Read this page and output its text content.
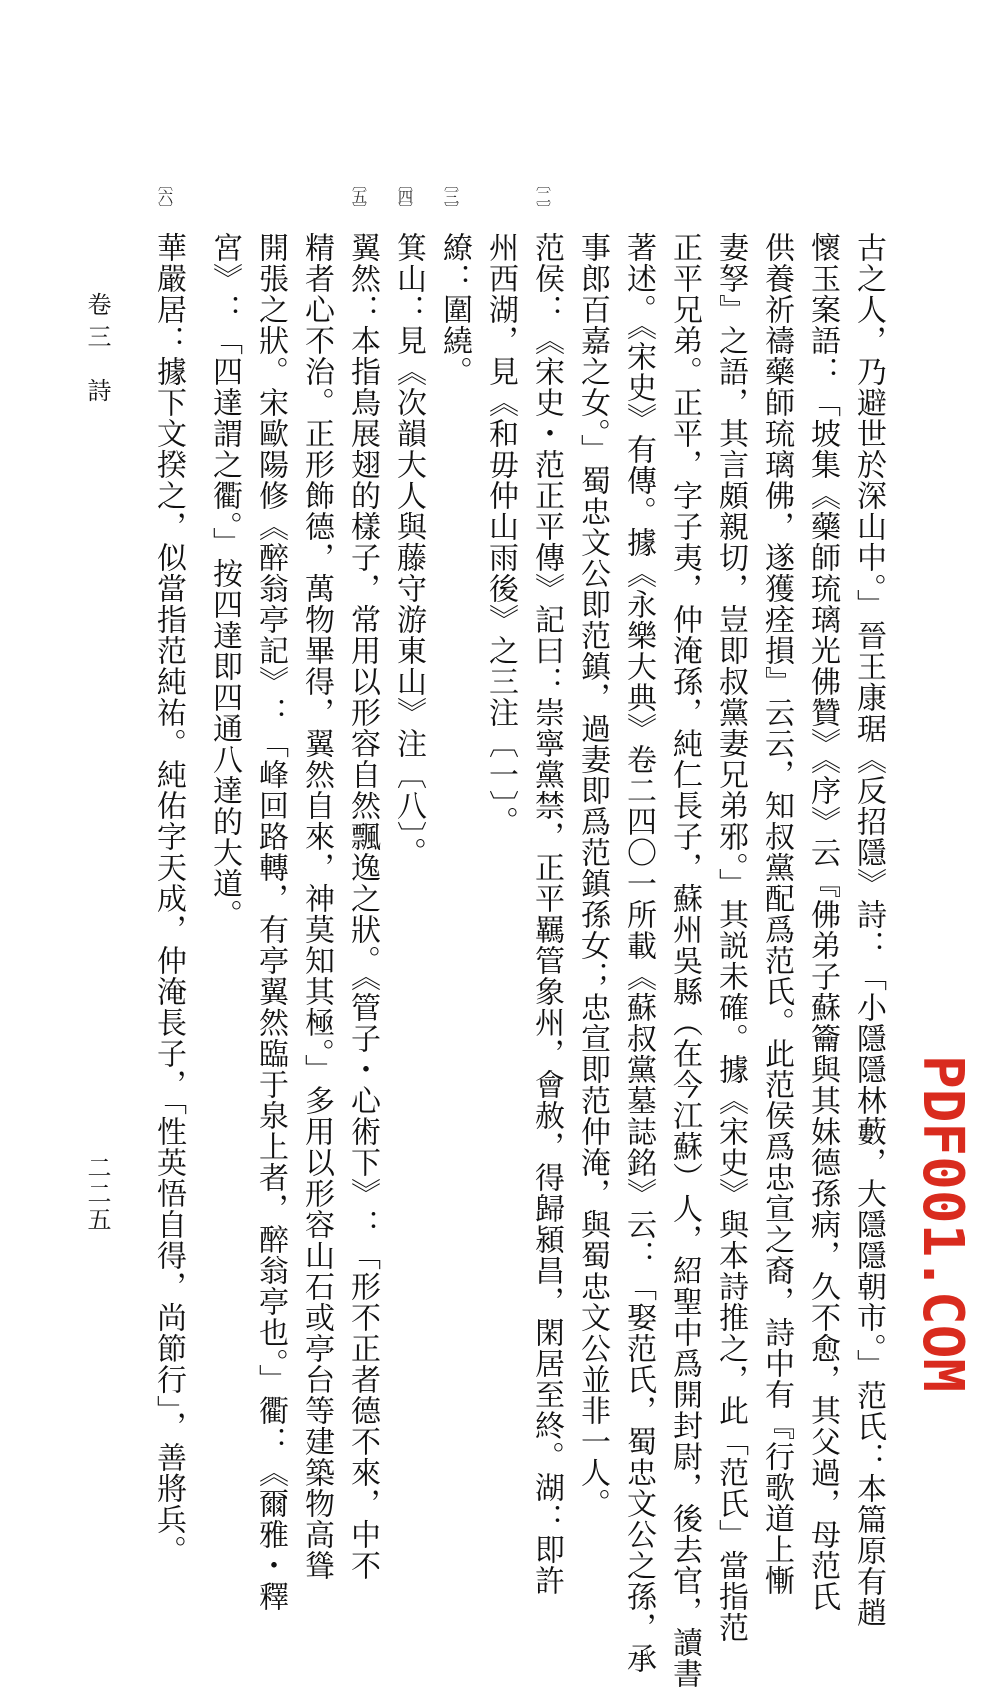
PDF001.COM
古之人，乃避世於深山中。」晉王康琚《反招隱》詩：「小隱隱林藪，大隱隱朝市。」范氏：本篇原有趙
懷玉案語：「坡集《藥師琉璃光佛贊》《序》云『佛弟子蘇籥與其妹德孫病，久不愈，其父過，母范氏
供養祈禱藥師琉璃佛，遂獲痊損』云云，知叔黨配爲范氏。此范侯爲忠宣之裔，詩中有『行歌道上慚
妻孥』之語，其言頗親切，豈即叔黨妻兄弟邪。」其説未確。據《宋史》與本詩推之，此「范氏」當指范
正平兄弟。正平，字子夷，仲淹孫，純仁長子，蘇州吳縣（在今江蘇）人，紹聖中爲開封尉，後去官，讀書
著述。《宋史》有傳。據《永樂大典》卷二四〇一所載《蘇叔黨墓誌銘》云：「娶范氏，蜀忠文公之孫，承
事郎百嘉之女。」蜀忠文公即范鎮，過妻即爲范鎮孫女；忠宣即范仲淹，與蜀忠文公並非一人。
〔二〕
范侯：《宋史・范正平傳》記曰：崇寧黨禁，正平羈管象州，會赦，得歸潁昌，閑居至終。湖：即許
州西湖，見《和毋仲山雨後》之三注〔一〕。
〔三〕
繚：圍繞。
〔四〕
箕山：見《次韻大人與藤守游東山》注〔八〕。
〔五〕
翼然：本指鳥展翅的樣子，常用以形容自然飄逸之狀。《管子・心術下》：「形不正者德不來，中不
精者心不治。正形飾德，萬物畢得，翼然自來，神莫知其極。」多用以形容山石或亭台等建築物高聳
開張之狀。宋歐陽修《醉翁亭記》：「峰回路轉，有亭翼然臨于泉上者，醉翁亭也。」衢：《爾雅・釋
宮》：「四達謂之衢。」按四達即四通八達的大道。
〔六〕
華嚴居：據下文揆之，似當指范純祐。純佑字天成，仲淹長子，「性英悟自得，尚節行」，善將兵。
卷三詩
二二五
